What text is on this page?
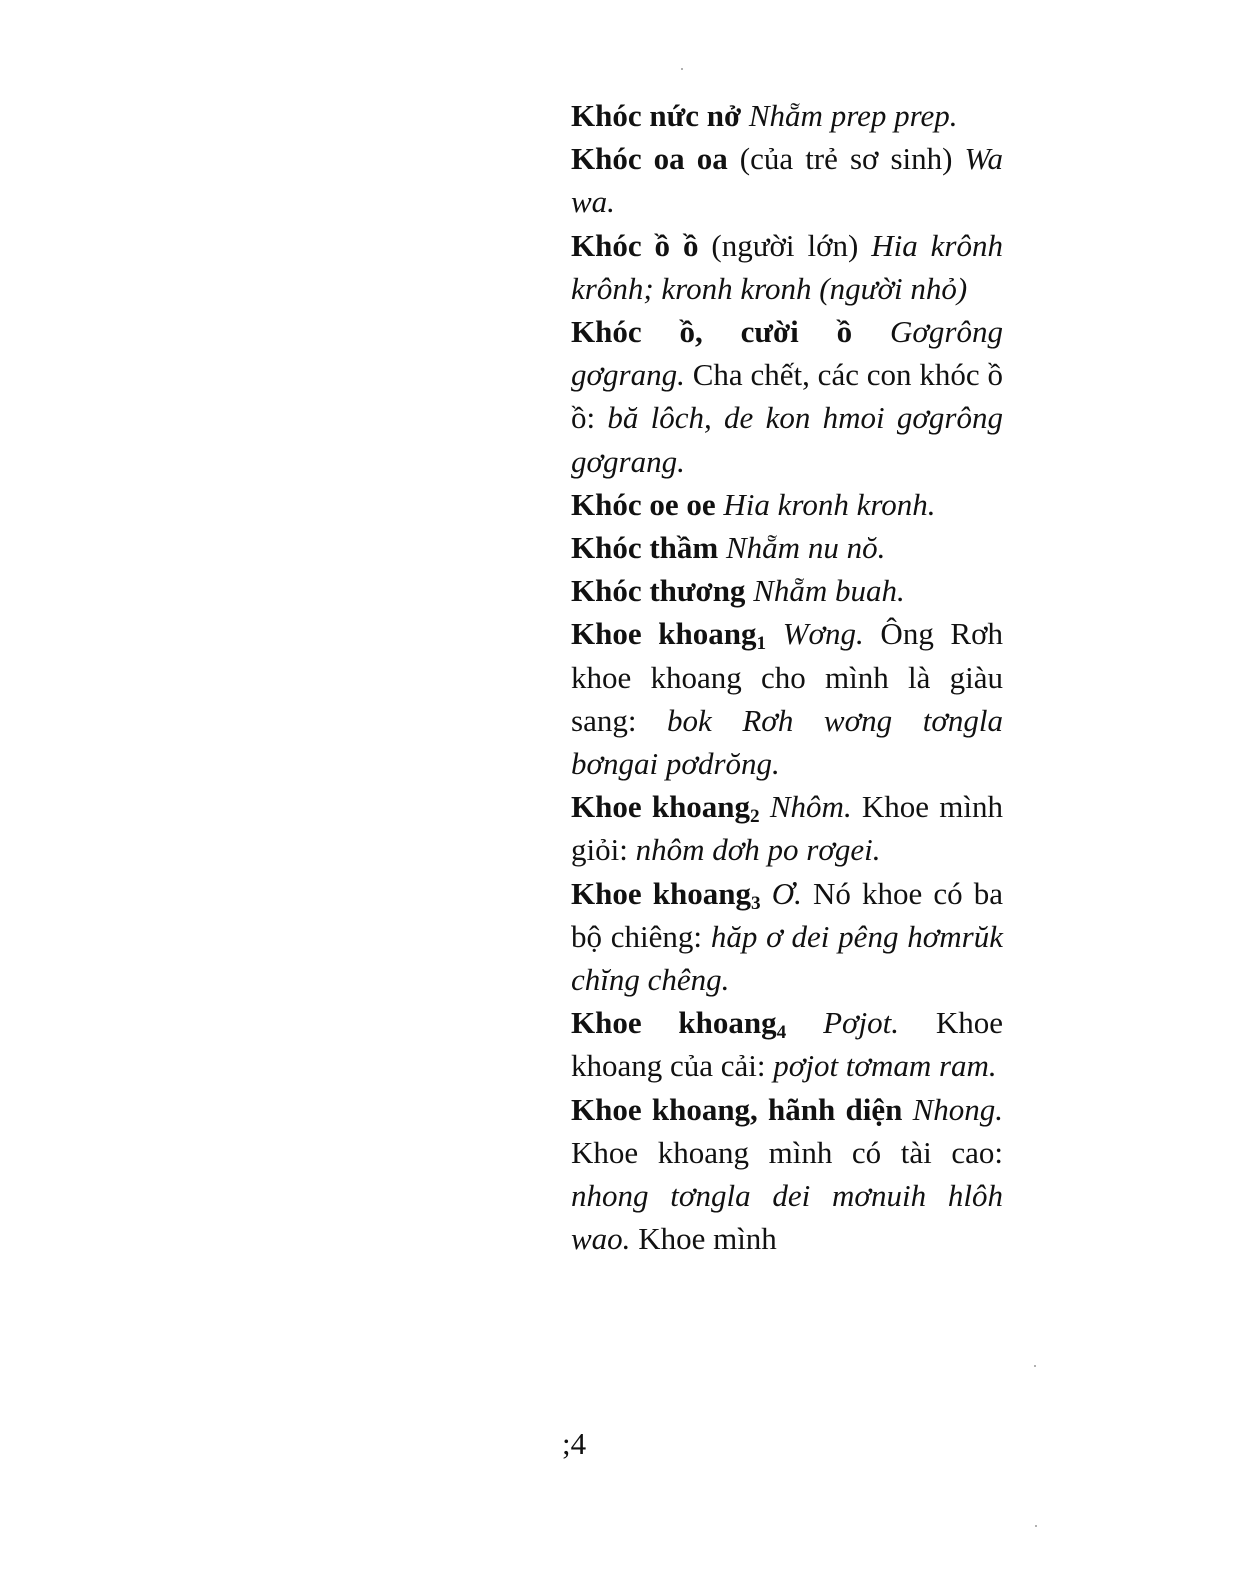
Khóc nức nở Nhẵm prep prep.

Khóc oa oa (của trẻ sơ sinh) Wa wa.

Khóc ồ ồ (người lớn) Hia krônh krônh; kronh kronh (người nhỏ)

Khóc ồ, cười ồ Gơgrông gơgrang. Cha chết, các con khóc ồ ồ: bă lôch, de kon hmoi gơgrông gơgrang.

Khóc oe oe Hia kronh kronh.

Khóc thầm Nhẵm nu nŏ.

Khóc thương Nhẵm buah.

Khoe khoang$_1$ Wơng. Ông Rơh khoe khoang cho mình là giàu sang: bok Rơh wơng tơngla bơngai pơdrŏng.

Khoe khoang$_2$ Nhôm. Khoe mình giỏi: nhôm dơh po rơgei.

Khoe khoang$_3$ Ơ. Nó khoe có ba bộ chiêng: hăp ơ dei pêng hơmrŭk chĭng chêng.

Khoe khoang$_4$ Pơjot. Khoe khoang của cải: pơjot tơmam ram.

Khoe khoang, hãnh diện Nhong. Khoe khoang mình có tài cao: nhong tơngla dei mơnuih hlôh wao. Khoe mình

;4
